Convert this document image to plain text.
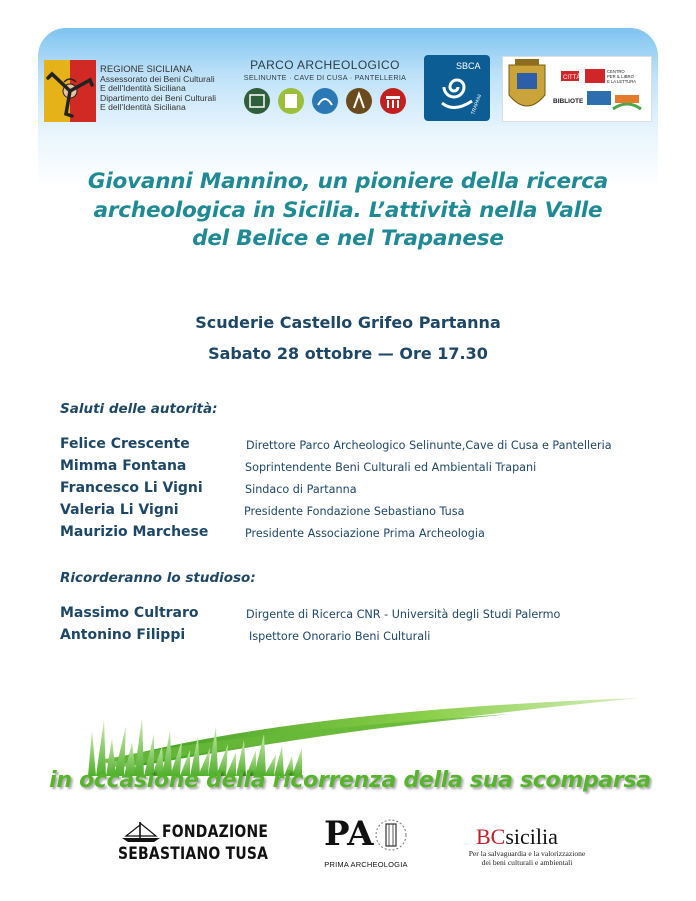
REGIONE SICILIANA
Assessorato dei Beni Culturali
E dell'Identità Siciliana
Dipartimento dei Beni Culturali
E dell'Identità Siciliana
PARCO ARCHEOLOGICO
SELINUNTE · CAVE DI CUSA · PANTELLERIA
SBCA
TRAPANI
CITTÀ
CENTRO
PER IL LIBRO
E LA LETTURA
BIBLIOTE
Giovanni Mannino, un pioniere della ricerca
archeologica in Sicilia. L’attività nella Valle
del Belice e nel Trapanese
Scuderie Castello Grifeo Partanna
Sabato 28 ottobre — Ore 17.30
Saluti delle autorità:
Felice Crescente	Direttore Parco Archeologico Selinunte,Cave di Cusa e Pantelleria
Mimma Fontana	Soprintendente Beni Culturali ed Ambientali Trapani
Francesco Li Vigni	Sindaco di Partanna
Valeria Li Vigni	Presidente Fondazione Sebastiano Tusa
Maurizio Marchese	Presidente Associazione Prima Archeologia
Ricorderanno lo studioso:
Massimo Cultraro	Dirgente di Ricerca CNR - Università degli Studi Palermo
Antonino Filippi	Ispettore Onorario Beni Culturali
in occasione della ricorrenza della sua scomparsa
FONDAZIONE
SEBASTIANO TUSA PA
PRIMA ARCHEOLOGIA
BCsicilia
Per la salvaguardia e la valorizzazione
dei beni culturali e ambientali
